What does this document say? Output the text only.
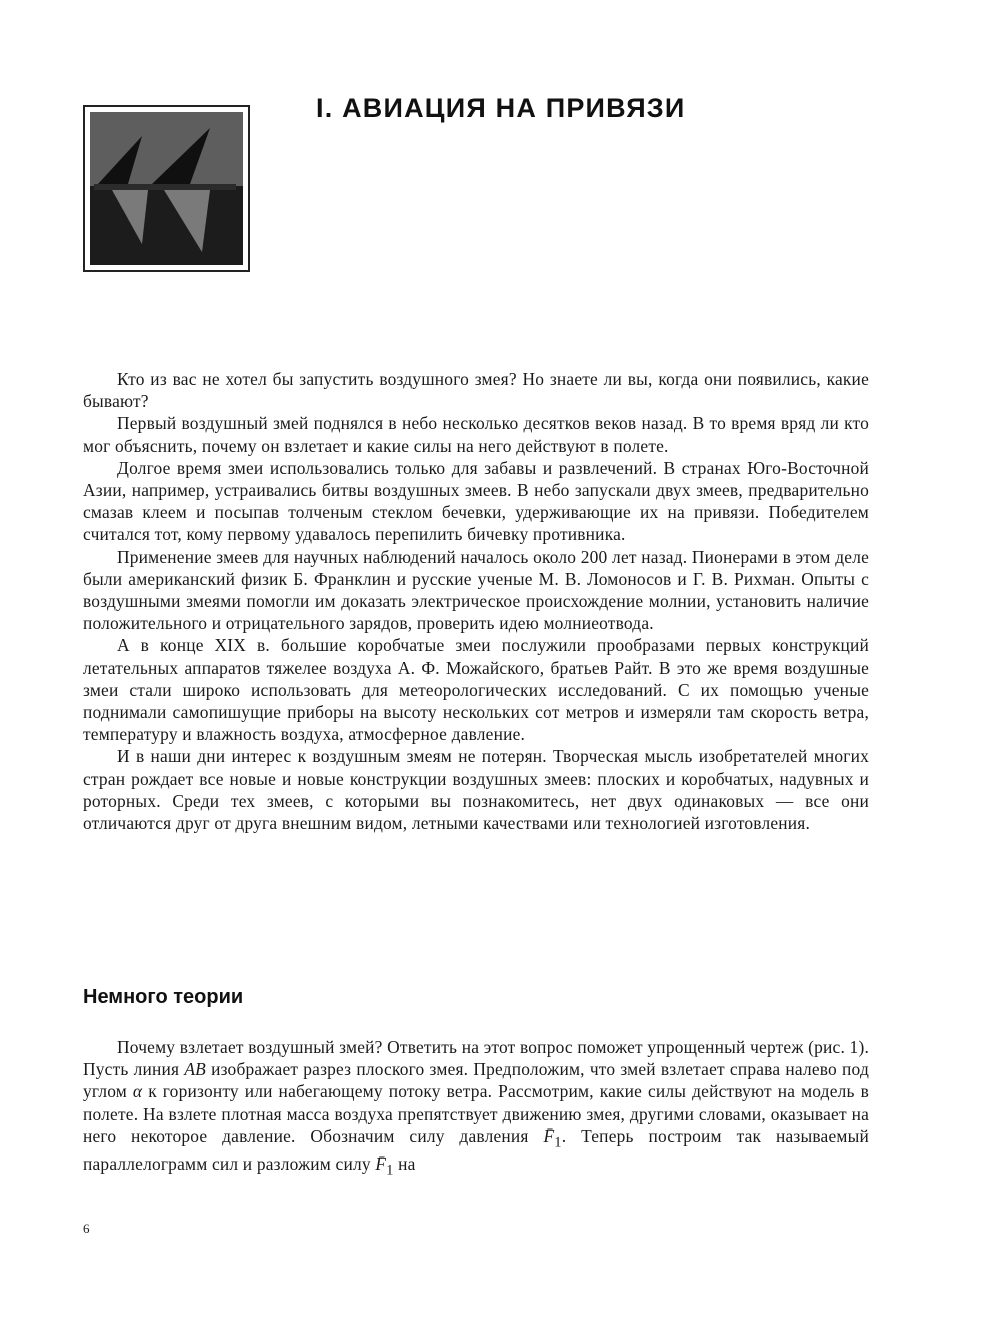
I. АВИАЦИЯ НА ПРИВЯЗИ

Кто из вас не хотел бы запустить воздушного змея? Но знаете ли вы, когда они появились, какие бывают?

Первый воздушный змей поднялся в небо несколько десятков веков назад. В то время вряд ли кто мог объяснить, почему он взлетает и какие силы на него действуют в полете.

Долгое время змеи использовались только для забавы и развлечений. В странах Юго-Восточной Азии, например, устраивались битвы воздушных змеев. В небо запускали двух змеев, предварительно смазав клеем и посыпав толченым стеклом бечевки, удерживающие их на привязи. Победителем считался тот, кому первому удавалось перепилить бичевку противника.

Применение змеев для научных наблюдений началось около 200 лет назад. Пионерами в этом деле были американский физик Б. Франклин и русские ученые М. В. Ломоносов и Г. В. Рихман. Опыты с воздушными змеями помогли им доказать электрическое происхождение молнии, установить наличие положительного и отрицательного зарядов, проверить идею молниеотвода.

А в конце XIX в. большие коробчатые змеи послужили прообразами первых конструкций летательных аппаратов тяжелее воздуха А. Ф. Можайского, братьев Райт. В это же время воздушные змеи стали широко использовать для метеорологических исследований. С их помощью ученые поднимали самопишущие приборы на высоту нескольких сот метров и измеряли там скорость ветра, температуру и влажность воздуха, атмосферное давление.

И в наши дни интерес к воздушным змеям не потерян. Творческая мысль изобретателей многих стран рождает все новые и новые конструкции воздушных змеев: плоских и коробчатых, надувных и роторных. Среди тех змеев, с которыми вы познакомитесь, нет двух одинаковых — все они отличаются друг от друга внешним видом, летными качествами или технологией изготовления.

Немного теории

Почему взлетает воздушный змей? Ответить на этот вопрос поможет упрощенный чертеж (рис. 1). Пусть линия AB изображает разрез плоского змея. Предположим, что змей взлетает справа налево под углом α к горизонту или набегающему потоку ветра. Рассмотрим, какие силы действуют на модель в полете. На взлете плотная масса воздуха препятствует движению змея, другими словами, оказывает на него некоторое давление. Обозначим силу давления $F̄_1$. Теперь построим так называемый параллелограмм сил и разложим силу $F̄_1$ на

6
